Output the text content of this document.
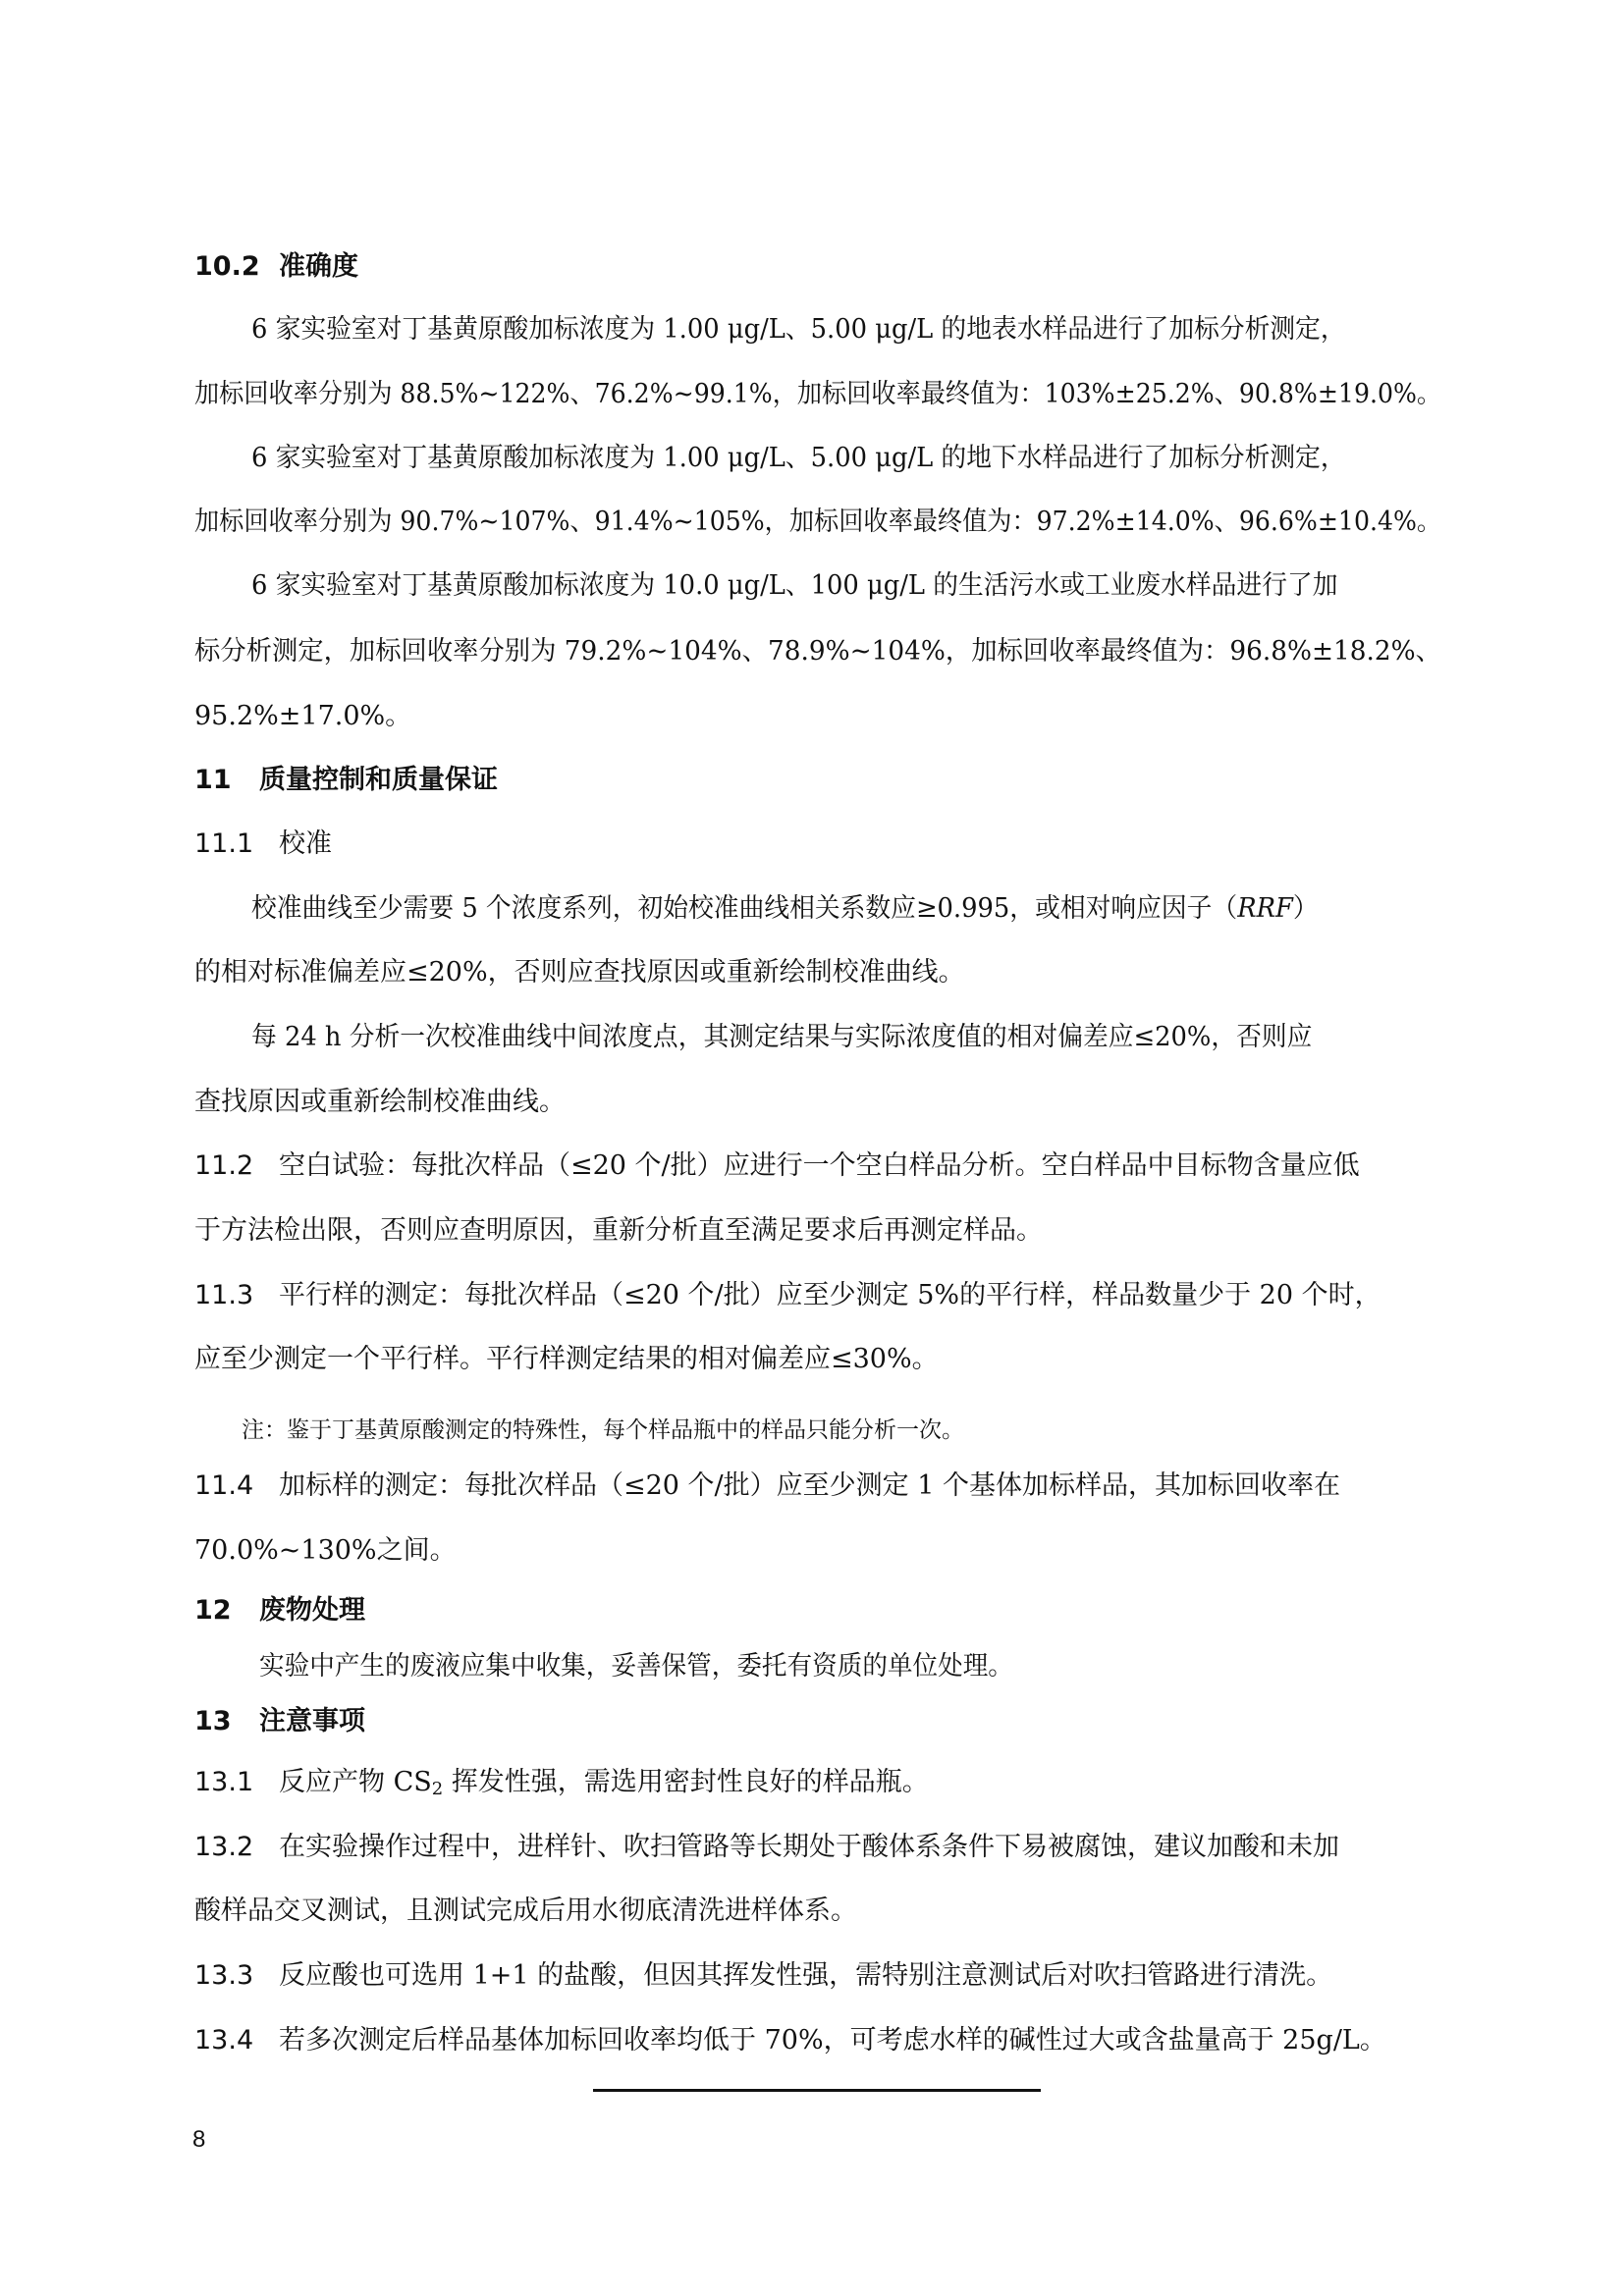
10.2 准确度
6 家实验室对丁基黄原酸加标浓度为 1.00 μg/L、5.00 μg/L 的地表水样品进行了加标分析测定，
加标回收率分别为 88.5%~122%、76.2%~99.1%，加标回收率最终值为：103%±25.2%、90.8%±19.0%。
6 家实验室对丁基黄原酸加标浓度为 1.00 μg/L、5.00 μg/L 的地下水样品进行了加标分析测定，
加标回收率分别为 90.7%~107%、91.4%~105%，加标回收率最终值为：97.2%±14.0%、96.6%±10.4%。
6 家实验室对丁基黄原酸加标浓度为 10.0 μg/L、100 μg/L 的生活污水或工业废水样品进行了加
标分析测定，加标回收率分别为 79.2%~104%、78.9%~104%，加标回收率最终值为：96.8%±18.2%、
95.2%±17.0%。
11 质量控制和质量保证
11.1 校准
校准曲线至少需要 5 个浓度系列，初始校准曲线相关系数应≥0.995，或相对响应因子（RRF）
的相对标准偏差应≤20%，否则应查找原因或重新绘制校准曲线。
每 24 h 分析一次校准曲线中间浓度点，其测定结果与实际浓度值的相对偏差应≤20%，否则应
查找原因或重新绘制校准曲线。
11.2 空白试验：每批次样品（≤20 个/批）应进行一个空白样品分析。空白样品中目标物含量应低
于方法检出限，否则应查明原因，重新分析直至满足要求后再测定样品。
11.3 平行样的测定：每批次样品（≤20 个/批）应至少测定 5%的平行样，样品数量少于 20 个时，
应至少测定一个平行样。平行样测定结果的相对偏差应≤30%。
注：鉴于丁基黄原酸测定的特殊性，每个样品瓶中的样品只能分析一次。
11.4 加标样的测定：每批次样品（≤20 个/批）应至少测定 1 个基体加标样品，其加标回收率在
70.0%~130%之间。
12 废物处理
实验中产生的废液应集中收集，妥善保管，委托有资质的单位处理。
13 注意事项
13.1 反应产物 $CS_2$ 挥发性强，需选用密封性良好的样品瓶。
13.2 在实验操作过程中，进样针、吹扫管路等长期处于酸体系条件下易被腐蚀，建议加酸和未加
酸样品交叉测试，且测试完成后用水彻底清洗进样体系。
13.3 反应酸也可选用 1+1 的盐酸，但因其挥发性强，需特别注意测试后对吹扫管路进行清洗。
13.4 若多次测定后样品基体加标回收率均低于 70%，可考虑水样的碱性过大或含盐量高于 25g/L。
8
